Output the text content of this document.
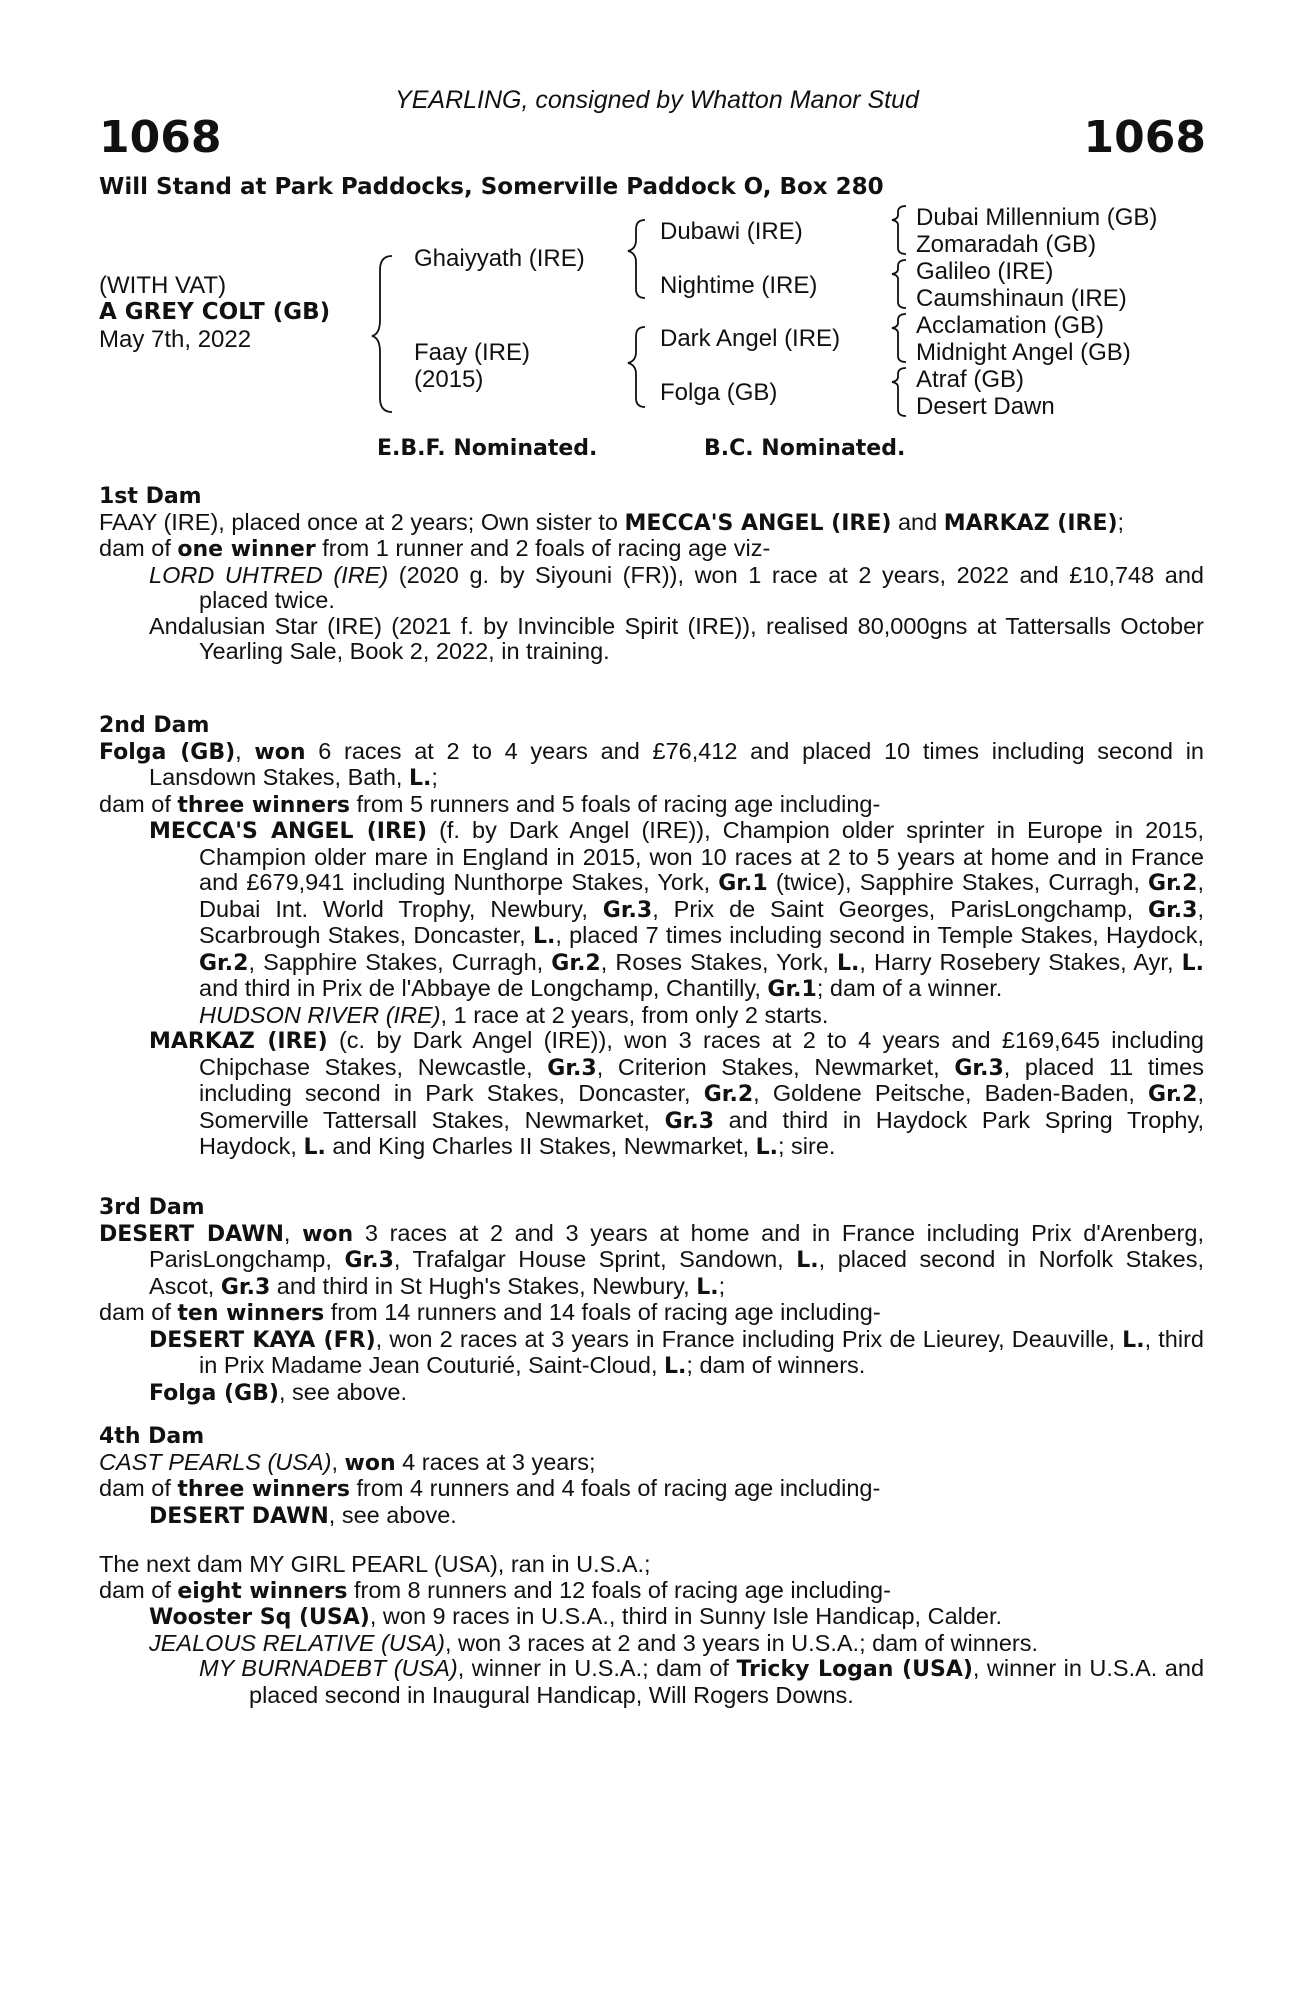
YEARLING, consigned by Whatton Manor Stud
1068	1068
Will Stand at Park Paddocks, Somerville Paddock O, Box 280
(WITH VAT)
A GREY COLT (GB)
May 7th, 2022
Ghaiyyath (IRE)
Faay (IRE)
(2015)
Dubawi (IRE)
Nightime (IRE)
Dark Angel (IRE)
Folga (GB)
Dubai Millennium (GB)
Zomaradah (GB)
Galileo (IRE)
Caumshinaun (IRE)
Acclamation (GB)
Midnight Angel (GB)
Atraf (GB)
Desert Dawn
E.B.F. Nominated.	B.C. Nominated.

1st Dam

FAAY (IRE), placed once at 2 years; Own sister to MECCA'S ANGEL (IRE) and MARKAZ (IRE);

dam of one winner from 1 runner and 2 foals of racing age viz-

LORD UHTRED (IRE) (2020 g. by Siyouni (FR)), won 1 race at 2 years, 2022 and £10,748 and placed twice.

Andalusian Star (IRE) (2021 f. by Invincible Spirit (IRE)), realised 80,000gns at Tattersalls October Yearling Sale, Book 2, 2022, in training.

2nd Dam

Folga (GB), won 6 races at 2 to 4 years and £76,412 and placed 10 times including second in Lansdown Stakes, Bath, L.;

dam of three winners from 5 runners and 5 foals of racing age including-

MECCA'S ANGEL (IRE) (f. by Dark Angel (IRE)), Champion older sprinter in Europe in 2015, Champion older mare in England in 2015, won 10 races at 2 to 5 years at home and in France and £679,941 including Nunthorpe Stakes, York, Gr.1 (twice), Sapphire Stakes, Curragh, Gr.2, Dubai Int. World Trophy, Newbury, Gr.3, Prix de Saint Georges, ParisLongchamp, Gr.3, Scarbrough Stakes, Doncaster, L., placed 7 times including second in Temple Stakes, Haydock, Gr.2, Sapphire Stakes, Curragh, Gr.2, Roses Stakes, York, L., Harry Rosebery Stakes, Ayr, L. and third in Prix de l'Abbaye de Longchamp, Chantilly, Gr.1; dam of a winner.

HUDSON RIVER (IRE), 1 race at 2 years, from only 2 starts.

MARKAZ (IRE) (c. by Dark Angel (IRE)), won 3 races at 2 to 4 years and £169,645 including Chipchase Stakes, Newcastle, Gr.3, Criterion Stakes, Newmarket, Gr.3, placed 11 times including second in Park Stakes, Doncaster, Gr.2, Goldene Peitsche, Baden-Baden, Gr.2, Somerville Tattersall Stakes, Newmarket, Gr.3 and third in Haydock Park Spring Trophy, Haydock, L. and King Charles II Stakes, Newmarket, L.; sire.

3rd Dam

DESERT DAWN, won 3 races at 2 and 3 years at home and in France including Prix d'Arenberg, ParisLongchamp, Gr.3, Trafalgar House Sprint, Sandown, L., placed second in Norfolk Stakes, Ascot, Gr.3 and third in St Hugh's Stakes, Newbury, L.;

dam of ten winners from 14 runners and 14 foals of racing age including-

DESERT KAYA (FR), won 2 races at 3 years in France including Prix de Lieurey, Deauville, L., third in Prix Madame Jean Couturié, Saint-Cloud, L.; dam of winners.

Folga (GB), see above.

4th Dam

CAST PEARLS (USA), won 4 races at 3 years;

dam of three winners from 4 runners and 4 foals of racing age including-

DESERT DAWN, see above.

The next dam MY GIRL PEARL (USA), ran in U.S.A.;

dam of eight winners from 8 runners and 12 foals of racing age including-

Wooster Sq (USA), won 9 races in U.S.A., third in Sunny Isle Handicap, Calder.

JEALOUS RELATIVE (USA), won 3 races at 2 and 3 years in U.S.A.; dam of winners.

MY BURNADEBT (USA), winner in U.S.A.; dam of Tricky Logan (USA), winner in U.S.A. and placed second in Inaugural Handicap, Will Rogers Downs.
